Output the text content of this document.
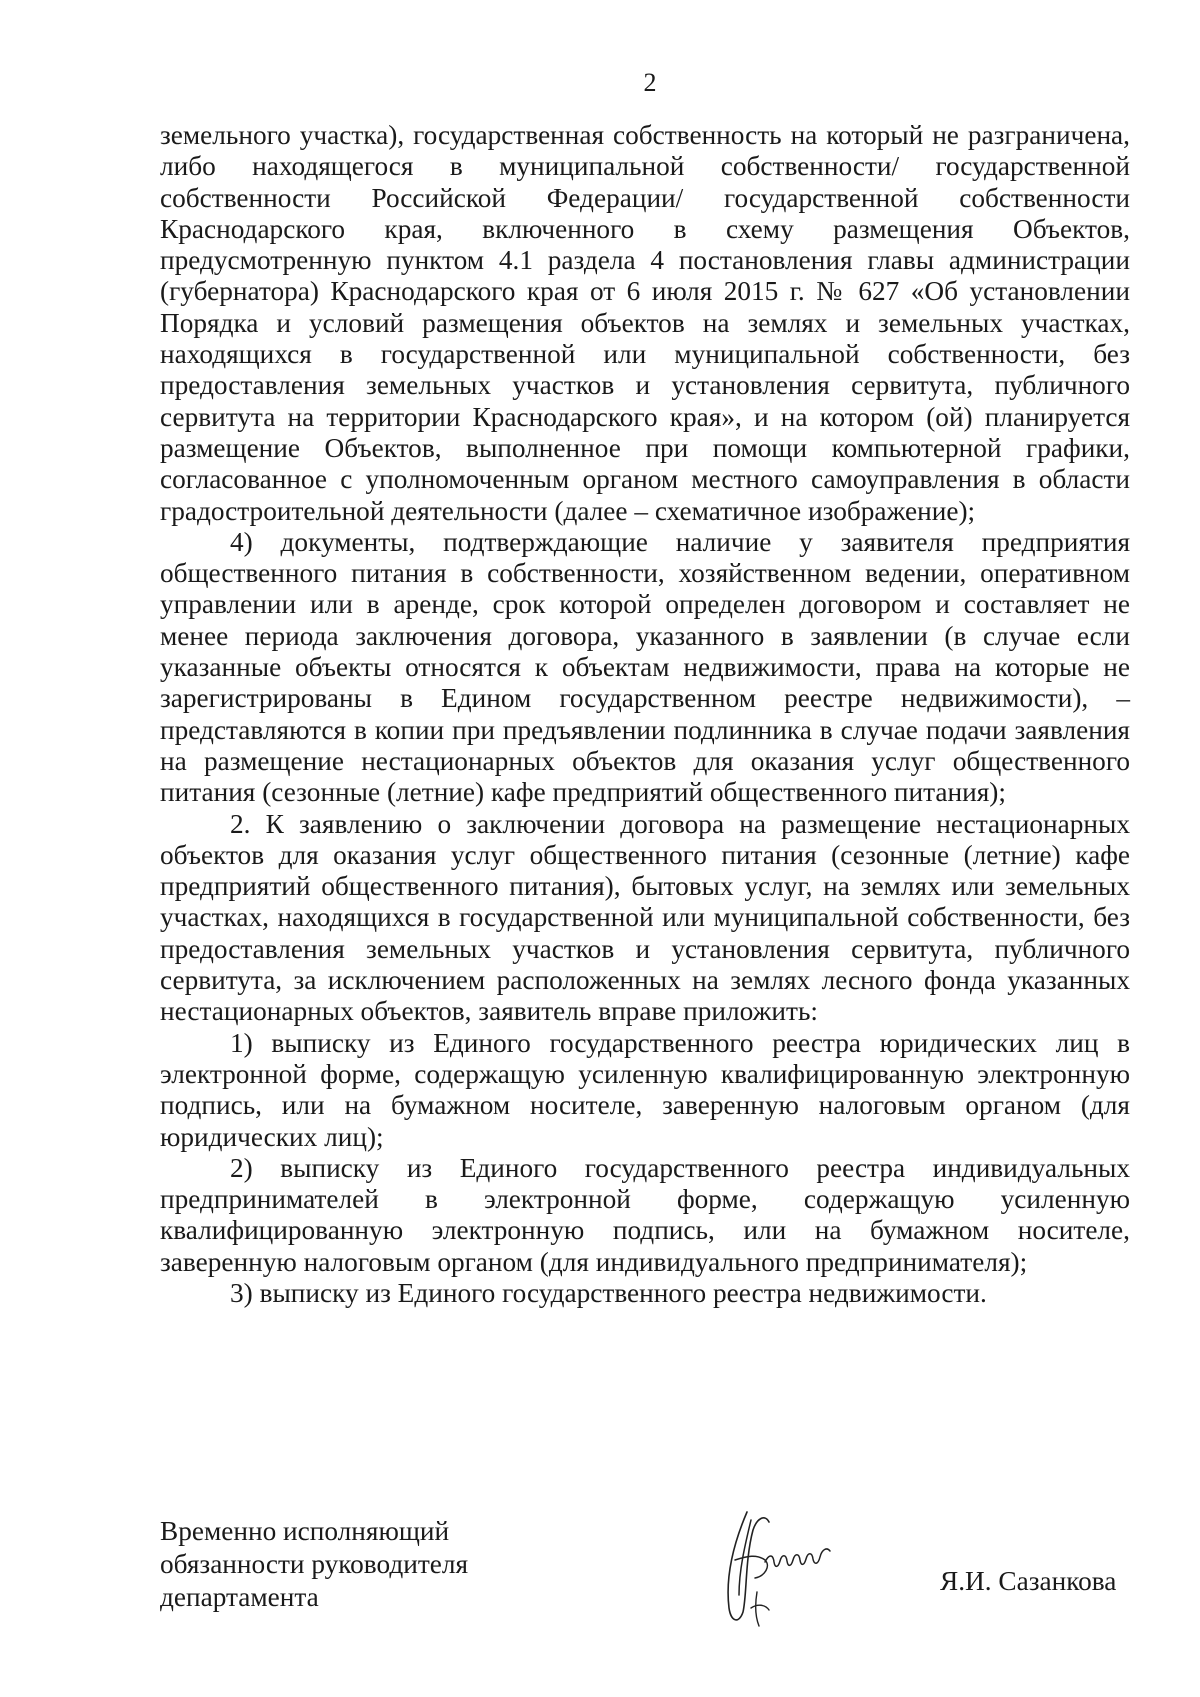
2

земельного участка), государственная собственность на который не разграничена, либо находящегося в муниципальной собственности/ государственной собственности Российской Федерации/ государственной собственности Краснодарского края, включенного в схему размещения Объектов, предусмотренную пунктом 4.1 раздела 4 постановления главы администрации (губернатора) Краснодарского края от 6 июля 2015 г. № 627 «Об установлении Порядка и условий размещения объектов на землях и земельных участках, находящихся в государственной или муниципальной собственности, без предоставления земельных участков и установления сервитута, публичного сервитута на территории Краснодарского края», и на котором (ой) планируется размещение Объектов, выполненное при помощи компьютерной графики, согласованное с уполномоченным органом местного самоуправления в области градостроительной деятельности (далее – схематичное изображение);

4) документы, подтверждающие наличие у заявителя предприятия общественного питания в собственности, хозяйственном ведении, оперативном управлении или в аренде, срок которой определен договором и составляет не менее периода заключения договора, указанного в заявлении (в случае если указанные объекты относятся к объектам недвижимости, права на которые не зарегистрированы в Едином государственном реестре недвижимости), – представляются в копии при предъявлении подлинника в случае подачи заявления на размещение нестационарных объектов для оказания услуг общественного питания (сезонные (летние) кафе предприятий общественного питания);

2. К заявлению о заключении договора на размещение нестационарных объектов для оказания услуг общественного питания (сезонные (летние) кафе предприятий общественного питания), бытовых услуг, на землях или земельных участках, находящихся в государственной или муниципальной собственности, без предоставления земельных участков и установления сервитута, публичного сервитута, за исключением расположенных на землях лесного фонда указанных нестационарных объектов, заявитель вправе приложить:

1) выписку из Единого государственного реестра юридических лиц в электронной форме, содержащую усиленную квалифицированную электронную подпись, или на бумажном носителе, заверенную налоговым органом (для юридических лиц);

2) выписку из Единого государственного реестра индивидуальных предпринимателей в электронной форме, содержащую усиленную квалифицированную электронную подпись, или на бумажном носителе, заверенную налоговым органом (для индивидуального предпринимателя);

3) выписку из Единого государственного реестра недвижимости.

Временно исполняющий
обязанности руководителя
департамента
Я.И. Сазанкова
